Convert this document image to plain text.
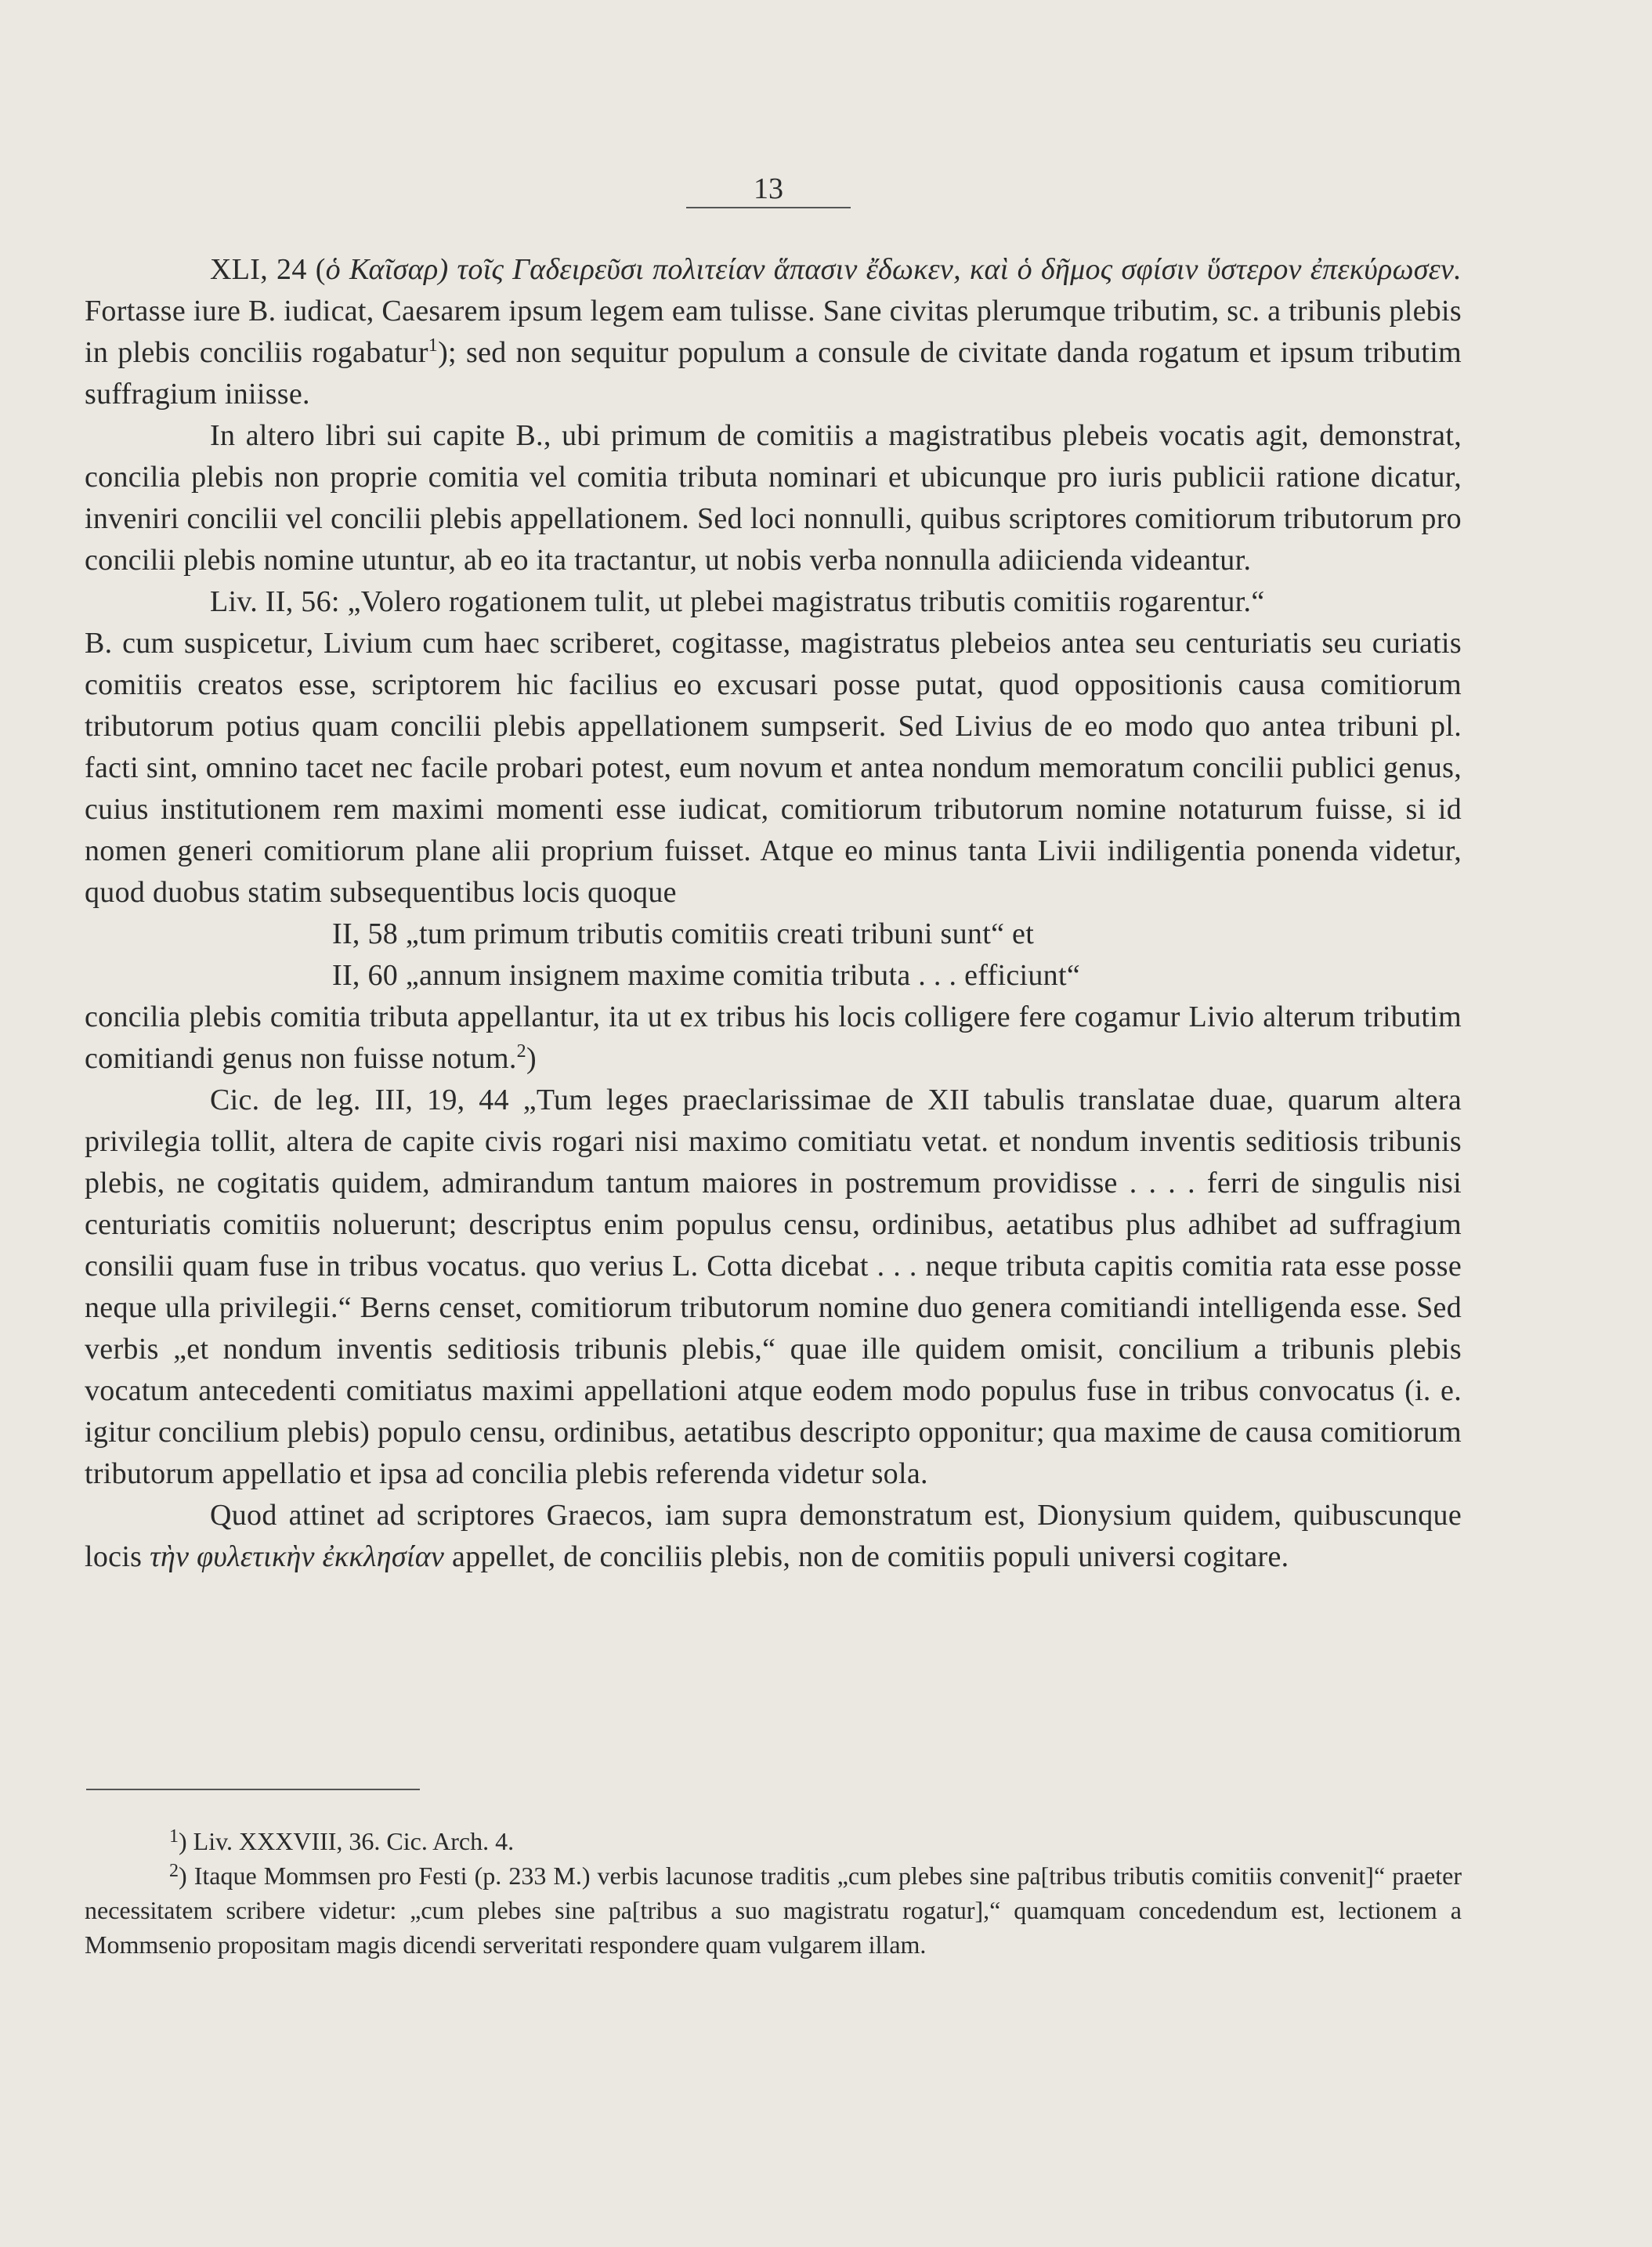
13

XLI, 24 (ὁ Καῖσαρ) τοῖς Γαδειρεῦσι πολιτείαν ἅπασιν ἔδωκεν, καὶ ὁ δῆμος σφίσιν ὕστερον ἐπεκύρωσεν. Fortasse iure B. iudicat, Caesarem ipsum legem eam tulisse. Sane civitas plerumque tributim, sc. a tribunis plebis in plebis conciliis rogabatur$^1$); sed non sequitur populum a consule de civitate danda rogatum et ipsum tributim suffragium iniisse.

In altero libri sui capite B., ubi primum de comitiis a magistratibus plebeis vocatis agit, demonstrat, concilia plebis non proprie comitia vel comitia tributa nominari et ubicunque pro iuris publicii ratione dicatur, inveniri concilii vel concilii plebis appellationem. Sed loci nonnulli, quibus scriptores comitiorum tributorum pro concilii plebis nomine utuntur, ab eo ita tractantur, ut nobis verba nonnulla adiicienda videantur.

Liv. II, 56: „Volero rogationem tulit, ut plebei magistratus tributis comitiis rogarentur.“

B. cum suspicetur, Livium cum haec scriberet, cogitasse, magistratus plebeios antea seu centuriatis seu curiatis comitiis creatos esse, scriptorem hic facilius eo excusari posse putat, quod oppositionis causa comitiorum tributorum potius quam concilii plebis appellationem sumpserit. Sed Livius de eo modo quo antea tribuni pl. facti sint, omnino tacet nec facile probari potest, eum novum et antea nondum memoratum concilii publici genus, cuius institutionem rem maximi momenti esse iudicat, comitiorum tributorum nomine notaturum fuisse, si id nomen generi comitiorum plane alii proprium fuisset. Atque eo minus tanta Livii indiligentia ponenda videtur, quod duobus statim subsequentibus locis quoque

II, 58 „tum primum tributis comitiis creati tribuni sunt“ et

II, 60 „annum insignem maxime comitia tributa . . . efficiunt“

concilia plebis comitia tributa appellantur, ita ut ex tribus his locis colligere fere cogamur Livio alterum tributim comitiandi genus non fuisse notum.$^2$)

Cic. de leg. III, 19, 44 „Tum leges praeclarissimae de XII tabulis translatae duae, quarum altera privilegia tollit, altera de capite civis rogari nisi maximo comitiatu vetat. et nondum inventis seditiosis tribunis plebis, ne cogitatis quidem, admirandum tantum maiores in postremum providisse . . . . ferri de singulis nisi centuriatis comitiis noluerunt; descriptus enim populus censu, ordinibus, aetatibus plus adhibet ad suffragium consilii quam fuse in tribus vocatus. quo verius L. Cotta dicebat . . . neque tributa capitis comitia rata esse posse neque ulla privilegii.“ Berns censet, comitiorum tributorum nomine duo genera comitiandi intelligenda esse. Sed verbis „et nondum inventis seditiosis tribunis plebis,“ quae ille quidem omisit, concilium a tribunis plebis vocatum antecedenti comitiatus maximi appellationi atque eodem modo populus fuse in tribus convocatus (i. e. igitur concilium plebis) populo censu, ordinibus, aetatibus descripto opponitur; qua maxime de causa comitiorum tributorum appellatio et ipsa ad concilia plebis referenda videtur sola.

Quod attinet ad scriptores Graecos, iam supra demonstratum est, Dionysium quidem, quibuscunque locis τὴν φυλετικὴν ἐκκλησίαν appellet, de conciliis plebis, non de comitiis populi universi cogitare.

$^1$) Liv. XXXVIII, 36. Cic. Arch. 4.

$^2$) Itaque Mommsen pro Festi (p. 233 M.) verbis lacunose traditis „cum plebes sine pa[tribus tributis comitiis convenit]“ praeter necessitatem scribere videtur: „cum plebes sine pa[tribus a suo magistratu rogatur],“ quamquam concedendum est, lectionem a Mommsenio propositam magis dicendi serveritati respondere quam vulgarem illam.
